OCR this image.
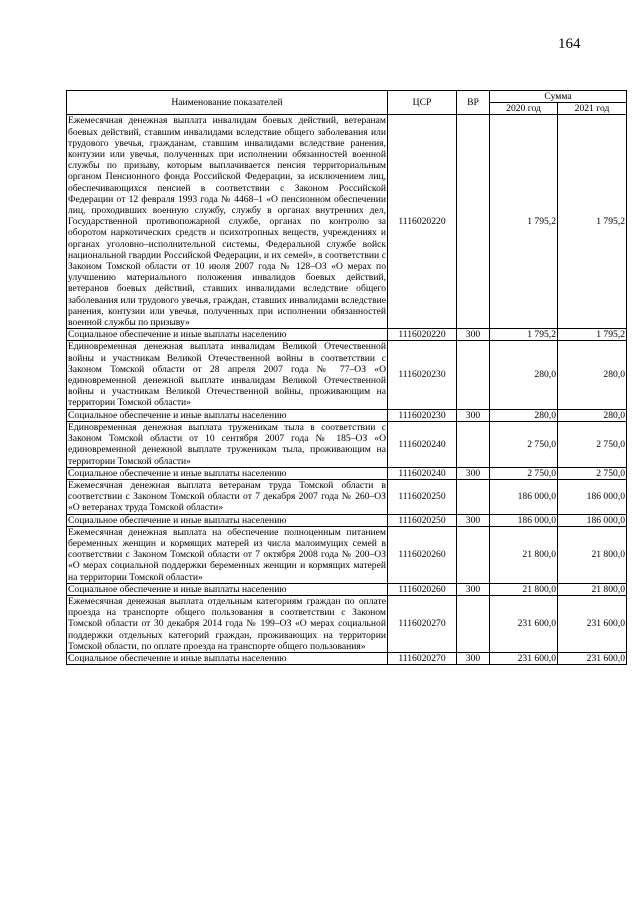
164
Наименование показателей	ЦСР	ВР	Сумма	
			2020 год	2021 год
Ежемесячная денежная выплата инвалидам боевых действий, ветеранам боевых действий, ставшим инвалидами вследствие общего заболевания или трудового увечья, гражданам, ставшим инвалидами вследствие ранения, контузии или увечья, полученных при исполнении обязанностей военной службы по призыву, которым выплачивается пенсия территориальным органом Пенсионного фонда Российской Федерации, за исключением лиц, обеспечивающихся пенсией в соответствии с Законом Российской Федерации от 12 февраля 1993 года № 4468–1 «О пенсионном обеспечении лиц, проходивших военную службу, службу в органах внутренних дел, Государственной противопожарной службе, органах по контролю за оборотом наркотических средств и психотропных веществ, учреждениях и органах уголовно–исполнительной системы, Федеральной службе войск национальной гвардии Российской Федерации, и их семей», в соответствии с Законом Томской области от 10 июля 2007 года № 128–ОЗ «О мерах по улучшению материального положения инвалидов боевых действий, ветеранов боевых действий, ставших инвалидами вследствие общего заболевания или трудового увечья, граждан, ставших инвалидами вследствие ранения, контузии или увечья, полученных при исполнении обязанностей военной службы по призыву»	1116020220		1 795,2	1 795,2
Социальное обеспечение и иные выплаты населению	1116020220	300	1 795,2	1 795,2
Единовременная денежная выплата инвалидам Великой Отечественной войны и участникам Великой Отечественной войны в соответствии с Законом Томской области от 28 апреля 2007 года № 77–ОЗ «О единовременной денежной выплате инвалидам Великой Отечественной войны и участникам Великой Отечественной войны, проживающим на территории Томской области»	1116020230		280,0	280,0
Социальное обеспечение и иные выплаты населению	1116020230	300	280,0	280,0
Единовременная денежная выплата труженикам тыла в соответствии с Законом Томской области от 10 сентября 2007 года № 185–ОЗ «О единовременной денежной выплате труженикам тыла, проживающим на территории Томской области»	1116020240		2 750,0	2 750,0
Социальное обеспечение и иные выплаты населению	1116020240	300	2 750,0	2 750,0
Ежемесячная денежная выплата ветеранам труда Томской области в соответствии с Законом Томской области от 7 декабря 2007 года № 260–ОЗ «О ветеранах труда Томской области»	1116020250		186 000,0	186 000,0
Социальное обеспечение и иные выплаты населению	1116020250	300	186 000,0	186 000,0
Ежемесячная денежная выплата на обеспечение полноценным питанием беременных женщин и кормящих матерей из числа малоимущих семей в соответствии с Законом Томской области от 7 октября 2008 года № 200–ОЗ «О мерах социальной поддержки беременных женщин и кормящих матерей на территории Томской области»	1116020260		21 800,0	21 800,0
Социальное обеспечение и иные выплаты населению	1116020260	300	21 800,0	21 800,0
Ежемесячная денежная выплата отдельным категориям граждан по оплате проезда на транспорте общего пользования в соответствии с Законом Томской области от 30 декабря 2014 года № 199–ОЗ «О мерах социальной поддержки отдельных категорий граждан, проживающих на территории Томской области, по оплате проезда на транспорте общего пользования»	1116020270		231 600,0	231 600,0
Социальное обеспечение и иные выплаты населению	1116020270	300	231 600,0	231 600,0
